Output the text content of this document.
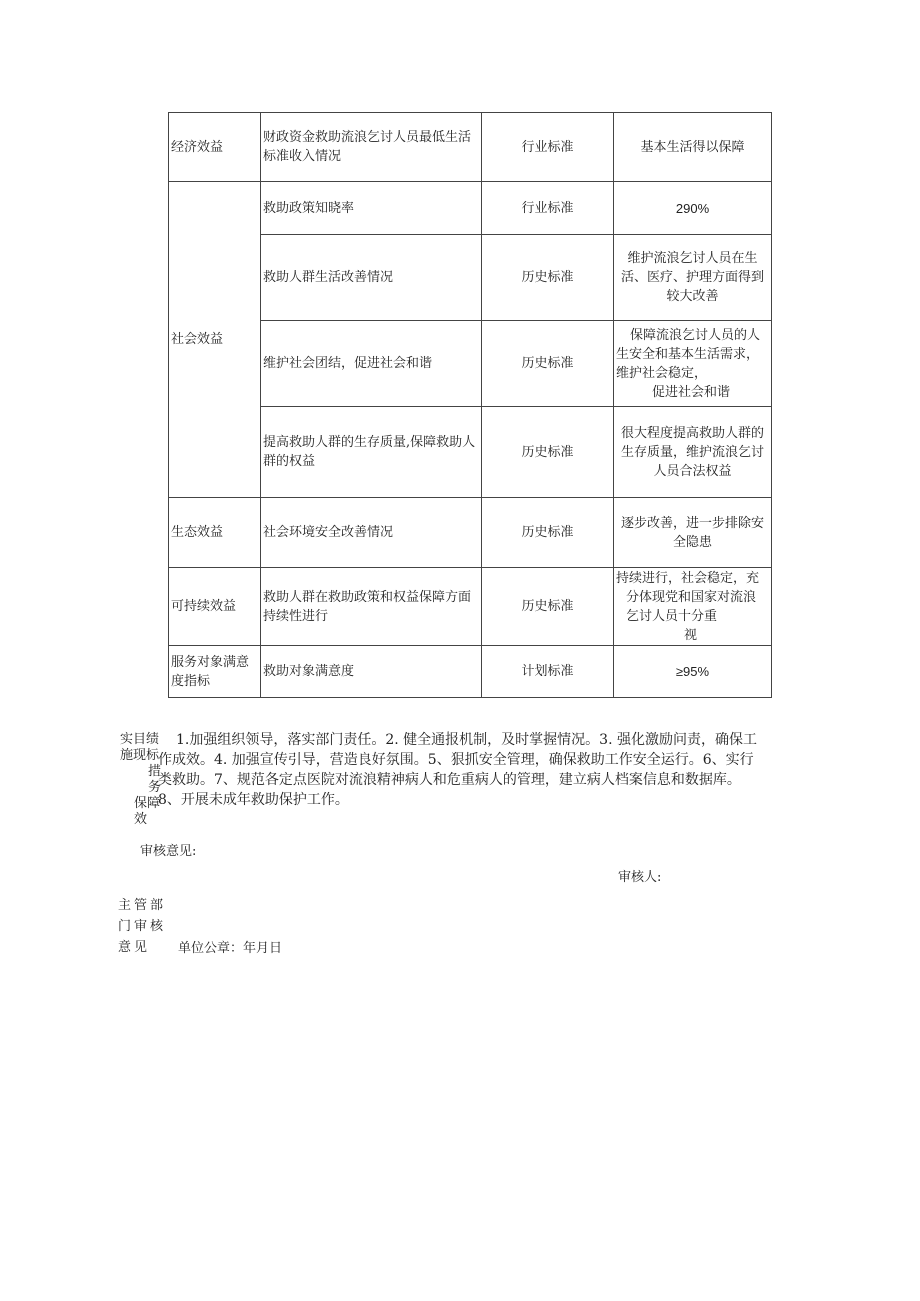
经济效益	财政资金救助流浪乞讨人员最低生活标准收入情况	行业标准	基本生活得以保障
社会效益	救助政策知晓率	行业标准	290%
	救助人群生活改善情况	历史标准	维护流浪乞讨人员在生活、医疗、护理方面得到较大改善
	维护社会团结，促进社会和谐	历史标准	保障流浪乞讨人员的人
生安全和基本生活需求，
维护社会稳定，
促进社会和谐

	提高救助人群的生存质量,保障救助人群的权益	历史标准	很大程度提高救助人群的生存质量，维护流浪乞讨人员合法权益
生态效益	社会环境安全改善情况	历史标准	逐步改善，进一步排除安全隐患
可持续效益	救助人群在救助政策和权益保障方面持续性进行	历史标准	持续进行，社会稳定，充
分体现党和国家对流浪
乞讨人员十分重
视

服务对象满意度指标	救助对象满意度	计划标准	≥95%
实目绩
施现标
措务
保障
效
1.加强组织领导，落实部门责任。2. 健全通报机制，及时掌握情况。3. 强化激励问责，确保工
作成效。4. 加强宣传引导，营造良好氛围。5、狠抓安全管理，确保救助工作安全运行。6、实行
类救助。7、规范各定点医院对流浪精神病人和危重病人的管理，建立病人档案信息和数据库。
8、开展未成年救助保护工作。
审核意见:
审核人:
主管部
门审核
意见	单位公章：年月日
